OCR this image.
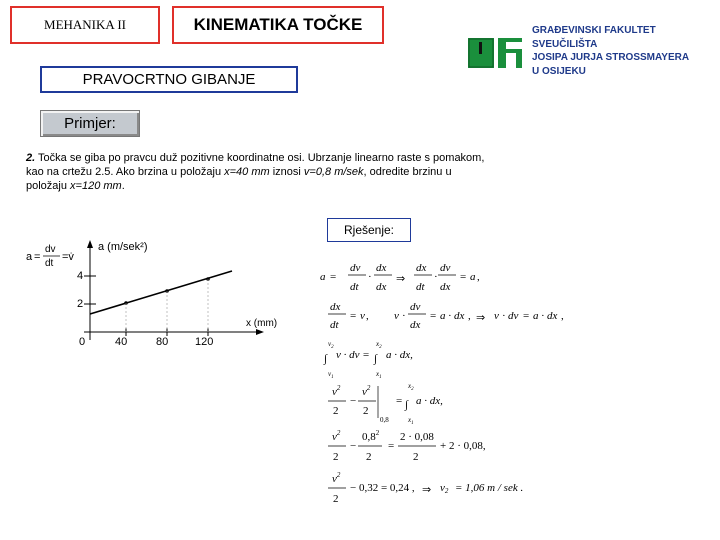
MEHANIKA II	KINEMATIKA TOČKE	GRAĐEVINSKI FAKULTET
SVEUČILIŠTA
JOSIPA JURJA STROSSMAYERA
U OSIJEKU
PRAVOCRTNO GIBANJE
Primjer:
2. Točka se giba po pravcu duž pozitivne koordinatne osi. Ubrzanje linearno raste s pomakom, kao na crtežu 2.5. Ako brzina u položaju x=40 mm iznosi v=0,8 m/sek, odredite brzinu u položaju x=120 mm.
Rješenje:
a =
dv
dt
=v̇
a (m/sek²)
x (mm)
4
2
0	40	80 120
a =
dv
dt
·
dx
dx
⇒
dx
dt
·
dv
dx
= a ,
dx
dt
= v , v ·
dv
dx
= a · dx , ⇒ v · dv = a · dx ,
$v_2$
∫
$v_1$
v · dv =
$x_2$
∫
$x_1$
a · dx,
$v^2$
2
−
$v^2$
2
0,8
=
$x_2$
∫
$x_1$
a · dx,
$v^2$
2
−
$0,8^2$
2
=
2 · 0,08
2
+ 2 · 0,08,
$v^2$
2
− 0,32 = 0,24 , ⇒ v2 = 1,06 m / sek .
